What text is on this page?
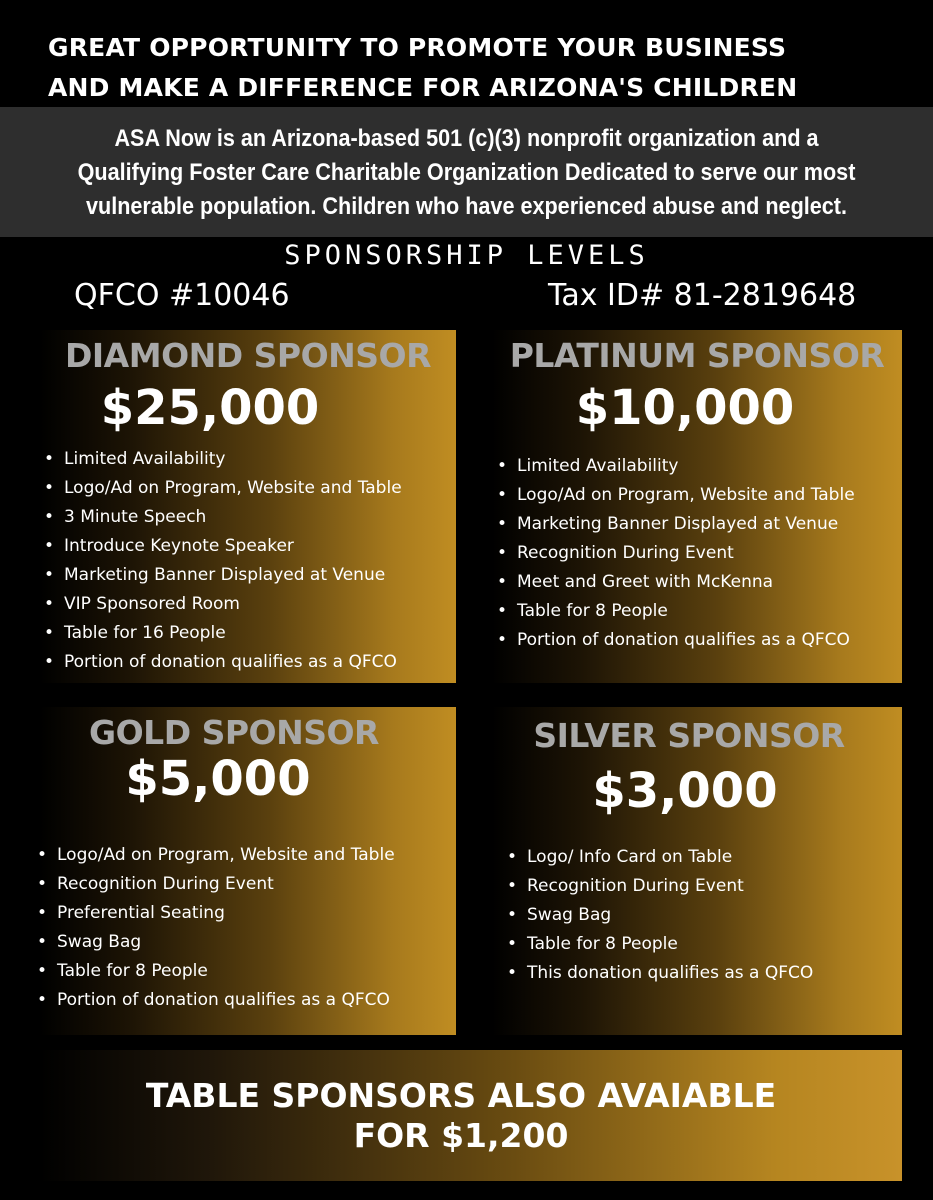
GREAT OPPORTUNITY TO PROMOTE YOUR BUSINESS
AND MAKE A DIFFERENCE FOR ARIZONA'S CHILDREN
ASA Now is an Arizona-based 501 (c)(3) nonprofit organization and a
Qualifying Foster Care Charitable Organization Dedicated to serve our most
vulnerable population. Children who have experienced abuse and neglect.
SPONSORSHIP LEVELS
QFCO #10046	Tax ID# 81-2819648
DIAMOND SPONSOR
$25,000
• Limited Availability
• Logo/Ad on Program, Website and Table
• 3 Minute Speech
• Introduce Keynote Speaker
• Marketing Banner Displayed at Venue
• VIP Sponsored Room
• Table for 16 People
• Portion of donation qualifies as a QFCO
PLATINUM SPONSOR
$10,000
• Limited Availability
• Logo/Ad on Program, Website and Table
• Marketing Banner Displayed at Venue
• Recognition During Event
• Meet and Greet with McKenna
• Table for 8 People
• Portion of donation qualifies as a QFCO
GOLD SPONSOR
$5,000
• Logo/Ad on Program, Website and Table
• Recognition During Event
• Preferential Seating
• Swag Bag
• Table for 8 People
• Portion of donation qualifies as a QFCO
SILVER SPONSOR
$3,000
• Logo/ Info Card on Table
• Recognition During Event
• Swag Bag
• Table for 8 People
• This donation qualifies as a QFCO
TABLE SPONSORS ALSO AVAIABLE
FOR $1,200
